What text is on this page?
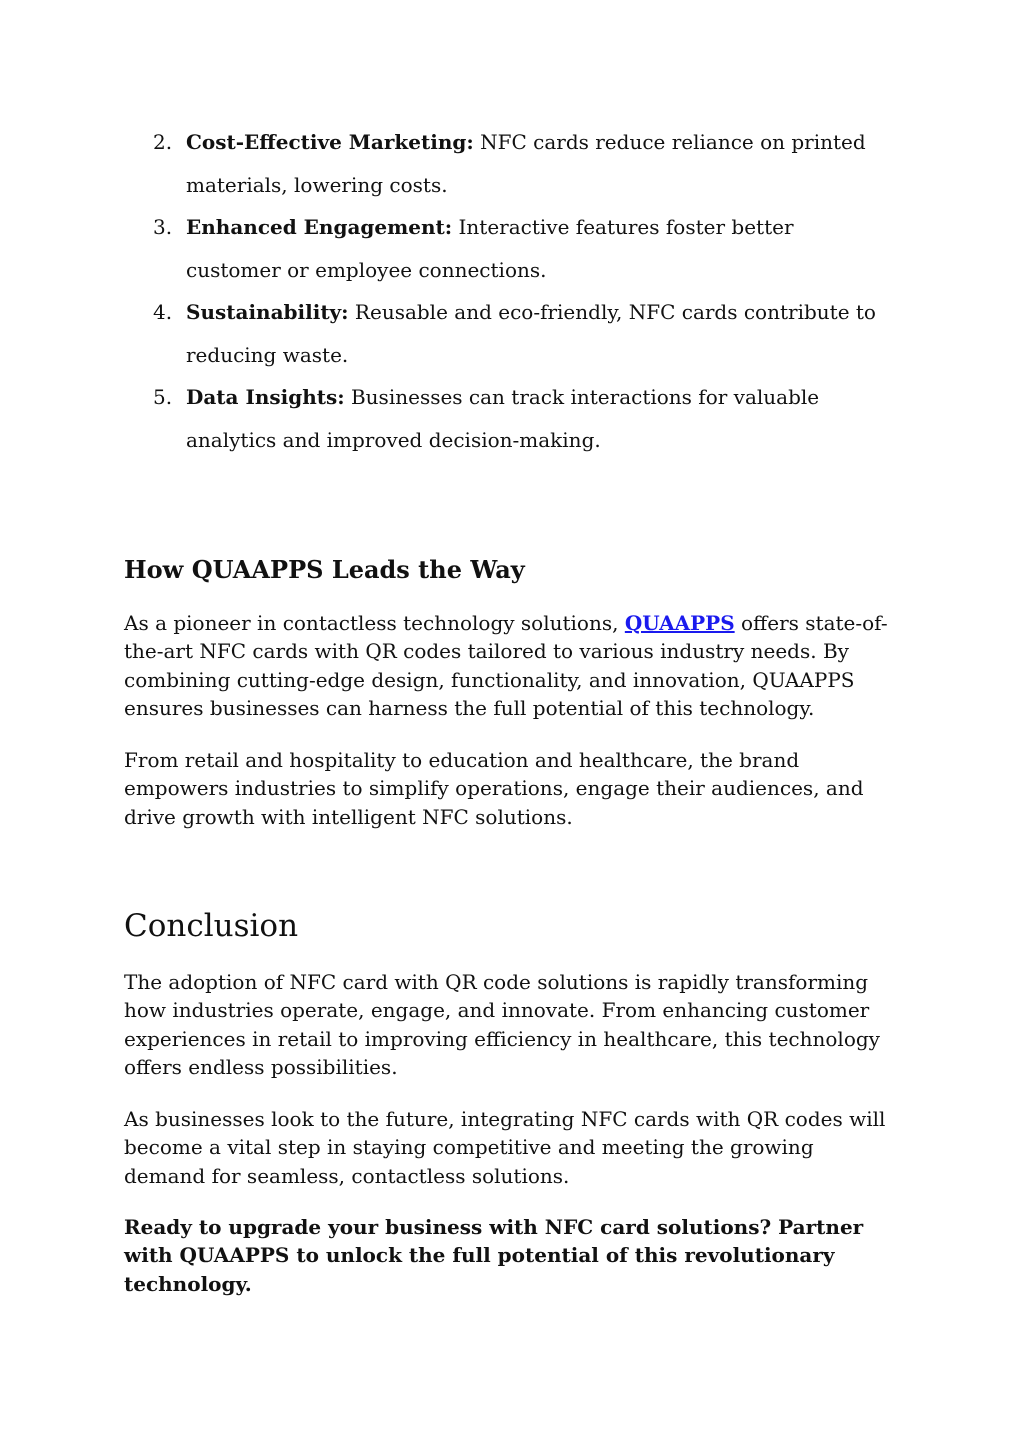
2. Cost-Effective Marketing: NFC cards reduce reliance on printed materials, lowering costs.
3. Enhanced Engagement: Interactive features foster better customer or employee connections.
4. Sustainability: Reusable and eco-friendly, NFC cards contribute to reducing waste.
5. Data Insights: Businesses can track interactions for valuable analytics and improved decision-making.
How QUAAPPS Leads the Way

As a pioneer in contactless technology solutions, QUAAPPS offers state-of-the-art NFC cards with QR codes tailored to various industry needs. By combining cutting-edge design, functionality, and innovation, QUAAPPS ensures businesses can harness the full potential of this technology.

From retail and hospitality to education and healthcare, the brand empowers industries to simplify operations, engage their audiences, and drive growth with intelligent NFC solutions.

Conclusion

The adoption of NFC card with QR code solutions is rapidly transforming how industries operate, engage, and innovate. From enhancing customer experiences in retail to improving efficiency in healthcare, this technology offers endless possibilities.

As businesses look to the future, integrating NFC cards with QR codes will become a vital step in staying competitive and meeting the growing demand for seamless, contactless solutions.

Ready to upgrade your business with NFC card solutions? Partner with QUAAPPS to unlock the full potential of this revolutionary technology.
